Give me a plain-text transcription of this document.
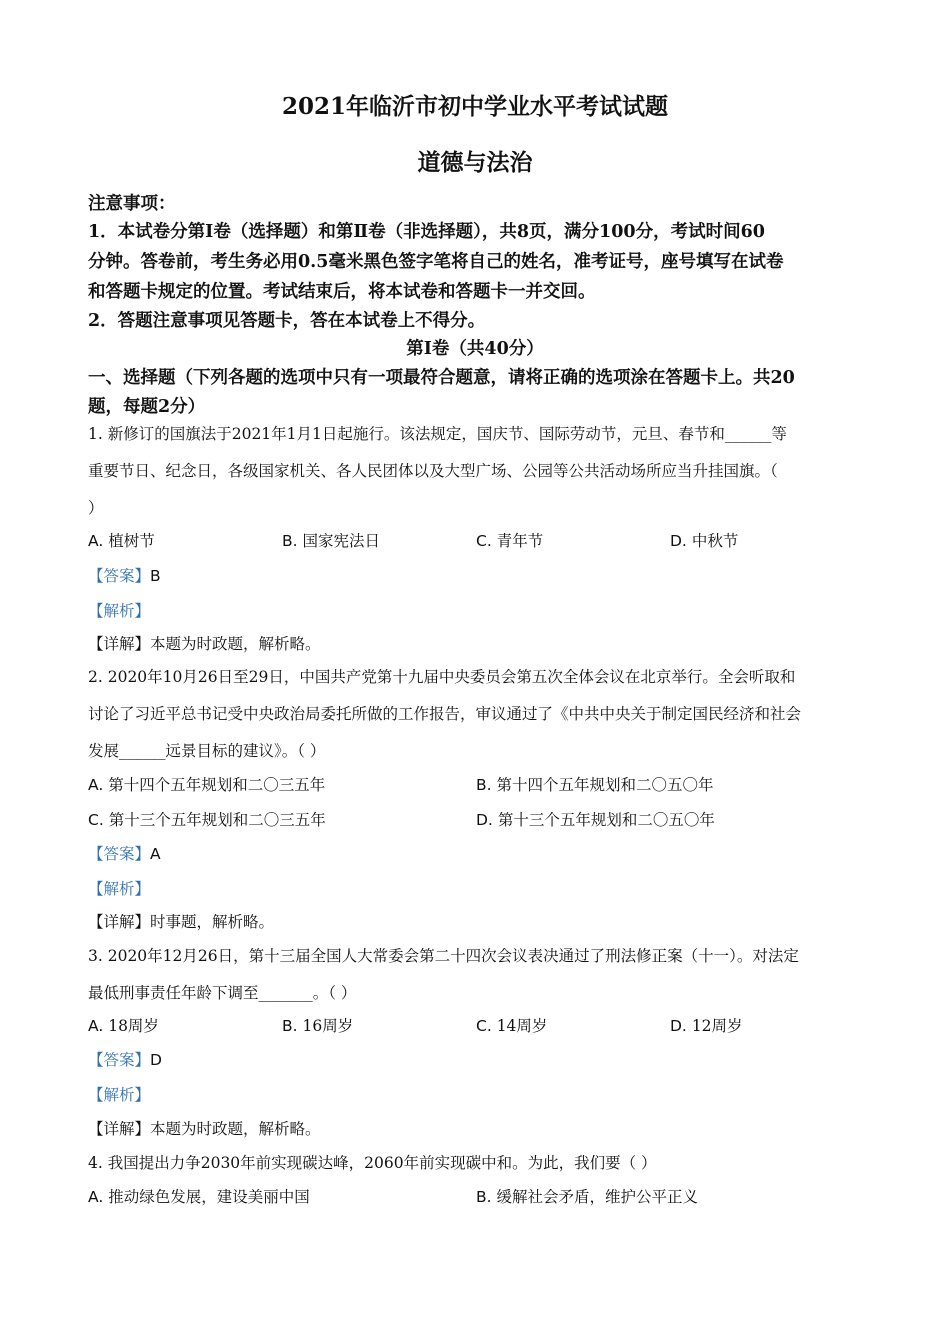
2021年临沂市初中学业水平考试试题
道德与法治
注意事项：
1．本试卷分第Ⅰ卷（选择题）和第Ⅱ卷（非选择题），共8页，满分100分，考试时间60
分钟。答卷前，考生务必用0.5毫米黑色签字笔将自己的姓名，准考证号，座号填写在试卷
和答题卡规定的位置。考试结束后，将本试卷和答题卡一并交回。
2．答题注意事项见答题卡，答在本试卷上不得分。
第Ⅰ卷（共40分）
一、选择题（下列各题的选项中只有一项最符合题意，请将正确的选项涂在答题卡上。共20
题，每题2分）
1. 新修订的国旗法于2021年1月1日起施行。该法规定，国庆节、国际劳动节，元旦、春节和______等
重要节日、纪念日，各级国家机关、各人民团体以及大型广场、公园等公共活动场所应当升挂国旗。（
）
A. 植树节	B. 国家宪法日	C. 青年节	D. 中秋节
【答案】B
【解析】
【详解】本题为时政题，解析略。
2. 2020年10月26日至29日，中国共产党第十九届中央委员会第五次全体会议在北京举行。全会听取和
讨论了习近平总书记受中央政治局委托所做的工作报告，审议通过了《中共中央关于制定国民经济和社会
发展______远景目标的建议》。（ ）
A. 第十四个五年规划和二〇三五年	B. 第十四个五年规划和二〇五〇年
C. 第十三个五年规划和二〇三五年	D. 第十三个五年规划和二〇五〇年
【答案】A
【解析】
【详解】时事题，解析略。
3. 2020年12月26日，第十三届全国人大常委会第二十四次会议表决通过了刑法修正案（十一）。对法定
最低刑事责任年龄下调至_______。（ ）
A. 18周岁	B. 16周岁	C. 14周岁	D. 12周岁
【答案】D
【解析】
【详解】本题为时政题，解析略。
4. 我国提出力争2030年前实现碳达峰，2060年前实现碳中和。为此，我们要（ ）
A. 推动绿色发展，建设美丽中国	B. 缓解社会矛盾，维护公平正义
